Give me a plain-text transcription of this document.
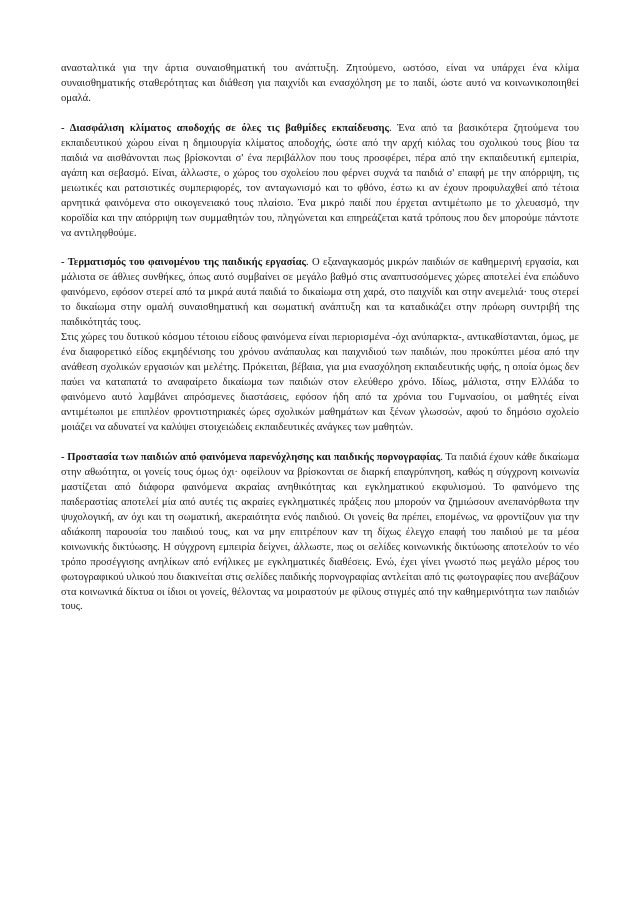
ανασταλτικά για την άρτια συναισθηματική του ανάπτυξη. Ζητούμενο, ωστόσο, είναι να υπάρχει ένα κλίμα συναισθηματικής σταθερότητας και διάθεση για παιχνίδι και ενασχόληση με το παιδί, ώστε αυτό να κοινωνικοποιηθεί ομαλά.

- Διασφάλιση κλίματος αποδοχής σε όλες τις βαθμίδες εκπαίδευσης. Ένα από τα βασικότερα ζητούμενα του εκπαιδευτικού χώρου είναι η δημιουργία κλίματος αποδοχής, ώστε από την αρχή κιόλας του σχολικού τους βίου τα παιδιά να αισθάνονται πως βρίσκονται σ' ένα περιβάλλον που τους προσφέρει, πέρα από την εκπαιδευτική εμπειρία, αγάπη και σεβασμό. Είναι, άλλωστε, ο χώρος του σχολείου που φέρνει συχνά τα παιδιά σ' επαφή με την απόρριψη, τις μειωτικές και ρατσιστικές συμπεριφορές, τον ανταγωνισμό και το φθόνο, έστω κι αν έχουν προφυλαχθεί από τέτοια αρνητικά φαινόμενα στο οικογενειακό τους πλαίσιο. Ένα μικρό παιδί που έρχεται αντιμέτωπο με το χλευασμό, την κοροϊδία και την απόρριψη των συμμαθητών του, πληγώνεται και επηρεάζεται κατά τρόπους που δεν μπορούμε πάντοτε να αντιληφθούμε.

- Τερματισμός του φαινομένου της παιδικής εργασίας. Ο εξαναγκασμός μικρών παιδιών σε καθημερινή εργασία, και μάλιστα σε άθλιες συνθήκες, όπως αυτό συμβαίνει σε μεγάλο βαθμό στις αναπτυσσόμενες χώρες αποτελεί ένα επώδυνο φαινόμενο, εφόσον στερεί από τα μικρά αυτά παιδιά το δικαίωμα στη χαρά, στο παιχνίδι και στην ανεμελιά· τους στερεί το δικαίωμα στην ομαλή συναισθηματική και σωματική ανάπτυξη και τα καταδικάζει στην πρόωρη συντριβή της παιδικότητάς τους.

Στις χώρες του δυτικού κόσμου τέτοιου είδους φαινόμενα είναι περιορισμένα -όχι ανύπαρκτα-, αντικαθίστανται, όμως, με ένα διαφορετικό είδος εκμηδένισης του χρόνου ανάπαυλας και παιχνιδιού των παιδιών, που προκύπτει μέσα από την ανάθεση σχολικών εργασιών και μελέτης. Πρόκειται, βέβαια, για μια ενασχόληση εκπαιδευτικής υφής, η οποία όμως δεν παύει να καταπατά το αναφαίρετο δικαίωμα των παιδιών στον ελεύθερο χρόνο. Ιδίως, μάλιστα, στην Ελλάδα το φαινόμενο αυτό λαμβάνει απρόσμενες διαστάσεις, εφόσον ήδη από τα χρόνια του Γυμνασίου, οι μαθητές είναι αντιμέτωποι με επιπλέον φροντιστηριακές ώρες σχολικών μαθημάτων και ξένων γλωσσών, αφού το δημόσιο σχολείο μοιάζει να αδυνατεί να καλύψει στοιχειώδεις εκπαιδευτικές ανάγκες των μαθητών.

- Προστασία των παιδιών από φαινόμενα παρενόχλησης και παιδικής πορνογραφίας. Τα παιδιά έχουν κάθε δικαίωμα στην αθωότητα, οι γονείς τους όμως όχι· οφείλουν να βρίσκονται σε διαρκή επαγρύπνηση, καθώς η σύγχρονη κοινωνία μαστίζεται από διάφορα φαινόμενα ακραίας ανηθικότητας και εγκληματικού εκφυλισμού. Το φαινόμενο της παιδεραστίας αποτελεί μία από αυτές τις ακραίες εγκληματικές πράξεις που μπορούν να ζημιώσουν ανεπανόρθωτα την ψυχολογική, αν όχι και τη σωματική, ακεραιότητα ενός παιδιού. Οι γονείς θα πρέπει, επομένως, να φροντίζουν για την αδιάκοπη παρουσία του παιδιού τους, και να μην επιτρέπουν καν τη δίχως έλεγχο επαφή του παιδιού με τα μέσα κοινωνικής δικτύωσης. Η σύγχρονη εμπειρία δείχνει, άλλωστε, πως οι σελίδες κοινωνικής δικτύωσης αποτελούν το νέο τρόπο προσέγγισης ανηλίκων από ενήλικες με εγκληματικές διαθέσεις. Ενώ, έχει γίνει γνωστό πως μεγάλο μέρος του φωτογραφικού υλικού που διακινείται στις σελίδες παιδικής πορνογραφίας αντλείται από τις φωτογραφίες που ανεβάζουν στα κοινωνικά δίκτυα οι ίδιοι οι γονείς, θέλοντας να μοιραστούν με φίλους στιγμές από την καθημερινότητα των παιδιών τους.
